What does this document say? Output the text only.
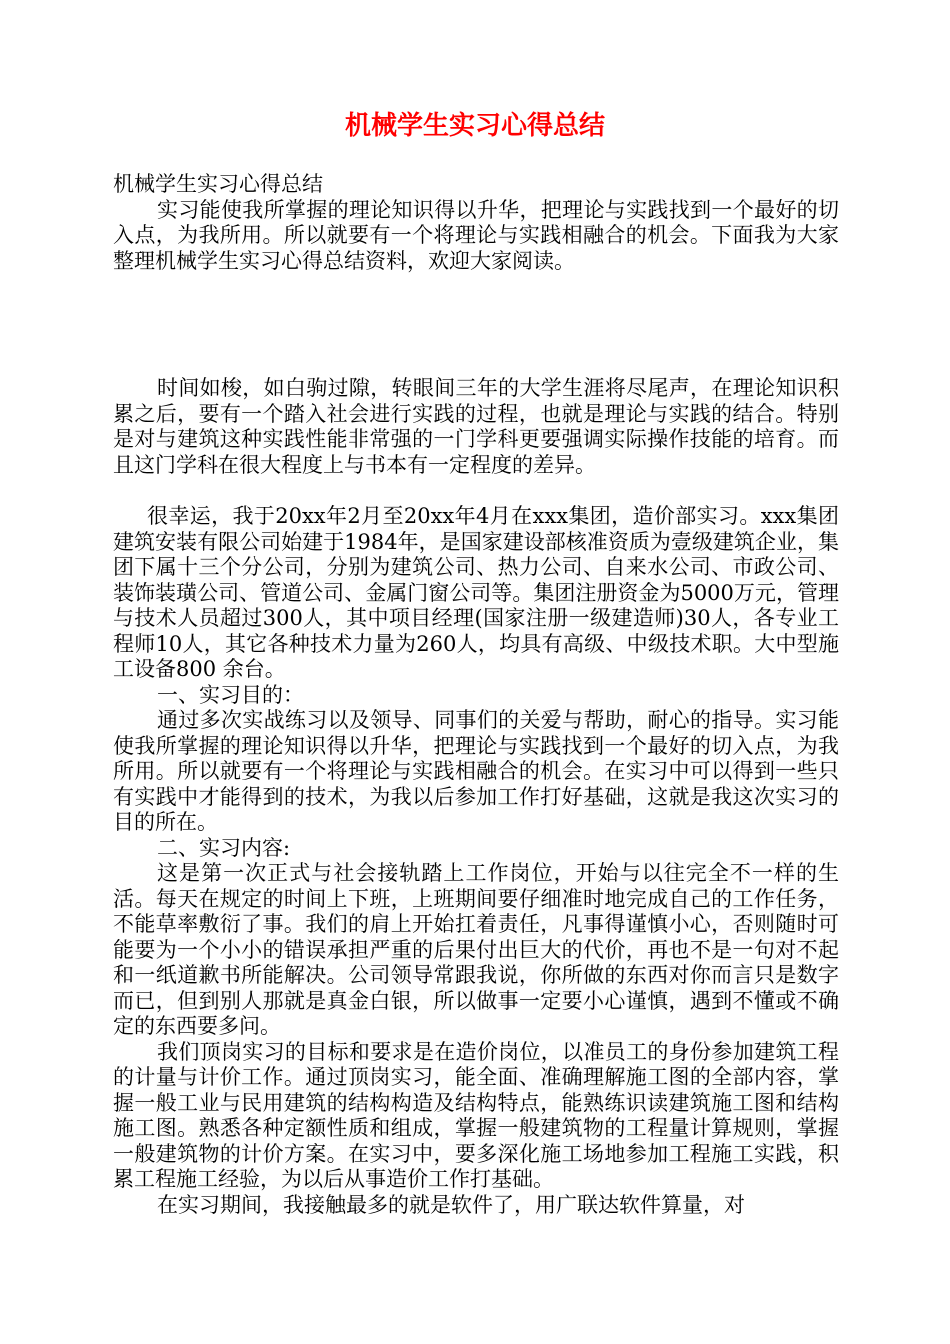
机械学生实习心得总结

机械学生实习心得总结

实习能使我所掌握的理论知识得以升华，把理论与实践找到一个最好的切入点，为我所用。所以就要有一个将理论与实践相融合的机会。下面我为大家整理机械学生实习心得总结资料，欢迎大家阅读。

时间如梭，如白驹过隙，转眼间三年的大学生涯将尽尾声，在理论知识积累之后，要有一个踏入社会进行实践的过程，也就是理论与实践的结合。特别是对与建筑这种实践性能非常强的一门学科更要强调实际操作技能的培育。而且这门学科在很大程度上与书本有一定程度的差异。

很幸运，我于20xx年2月至20xx年4月在xxx集团，造价部实习。xxx集团建筑安装有限公司始建于1984年，是国家建设部核准资质为壹级建筑企业，集团下属十三个分公司，分别为建筑公司、热力公司、自来水公司、市政公司、装饰装璜公司、管道公司、金属门窗公司等。集团注册资金为5000万元，管理与技术人员超过300人，其中项目经理(国家注册一级建造师)30人，各专业工程师10人，其它各种技术力量为260人，均具有高级、中级技术职。大中型施工设备800 余台。

一、实习目的：

通过多次实战练习以及领导、同事们的关爱与帮助，耐心的指导。实习能使我所掌握的理论知识得以升华，把理论与实践找到一个最好的切入点，为我所用。所以就要有一个将理论与实践相融合的机会。在实习中可以得到一些只有实践中才能得到的技术，为我以后参加工作打好基础，这就是我这次实习的目的所在。

二、实习内容:

这是第一次正式与社会接轨踏上工作岗位，开始与以往完全不一样的生活。每天在规定的时间上下班，上班期间要仔细准时地完成自己的工作任务，不能草率敷衍了事。我们的肩上开始扛着责任，凡事得谨慎小心，否则随时可能要为一个小小的错误承担严重的后果付出巨大的代价，再也不是一句对不起和一纸道歉书所能解决。公司领导常跟我说，你所做的东西对你而言只是数字而已，但到别人那就是真金白银，所以做事一定要小心谨慎，遇到不懂或不确定的东西要多问。

我们顶岗实习的目标和要求是在造价岗位，以准员工的身份参加建筑工程的计量与计价工作。通过顶岗实习，能全面、准确理解施工图的全部内容，掌握一般工业与民用建筑的结构构造及结构特点，能熟练识读建筑施工图和结构施工图。熟悉各种定额性质和组成，掌握一般建筑物的工程量计算规则，掌握一般建筑物的计价方案。在实习中，要多深化施工场地参加工程施工实践，积累工程施工经验，为以后从事造价工作打基础。

在实习期间，我接触最多的就是软件了，用广联达软件算量，对
